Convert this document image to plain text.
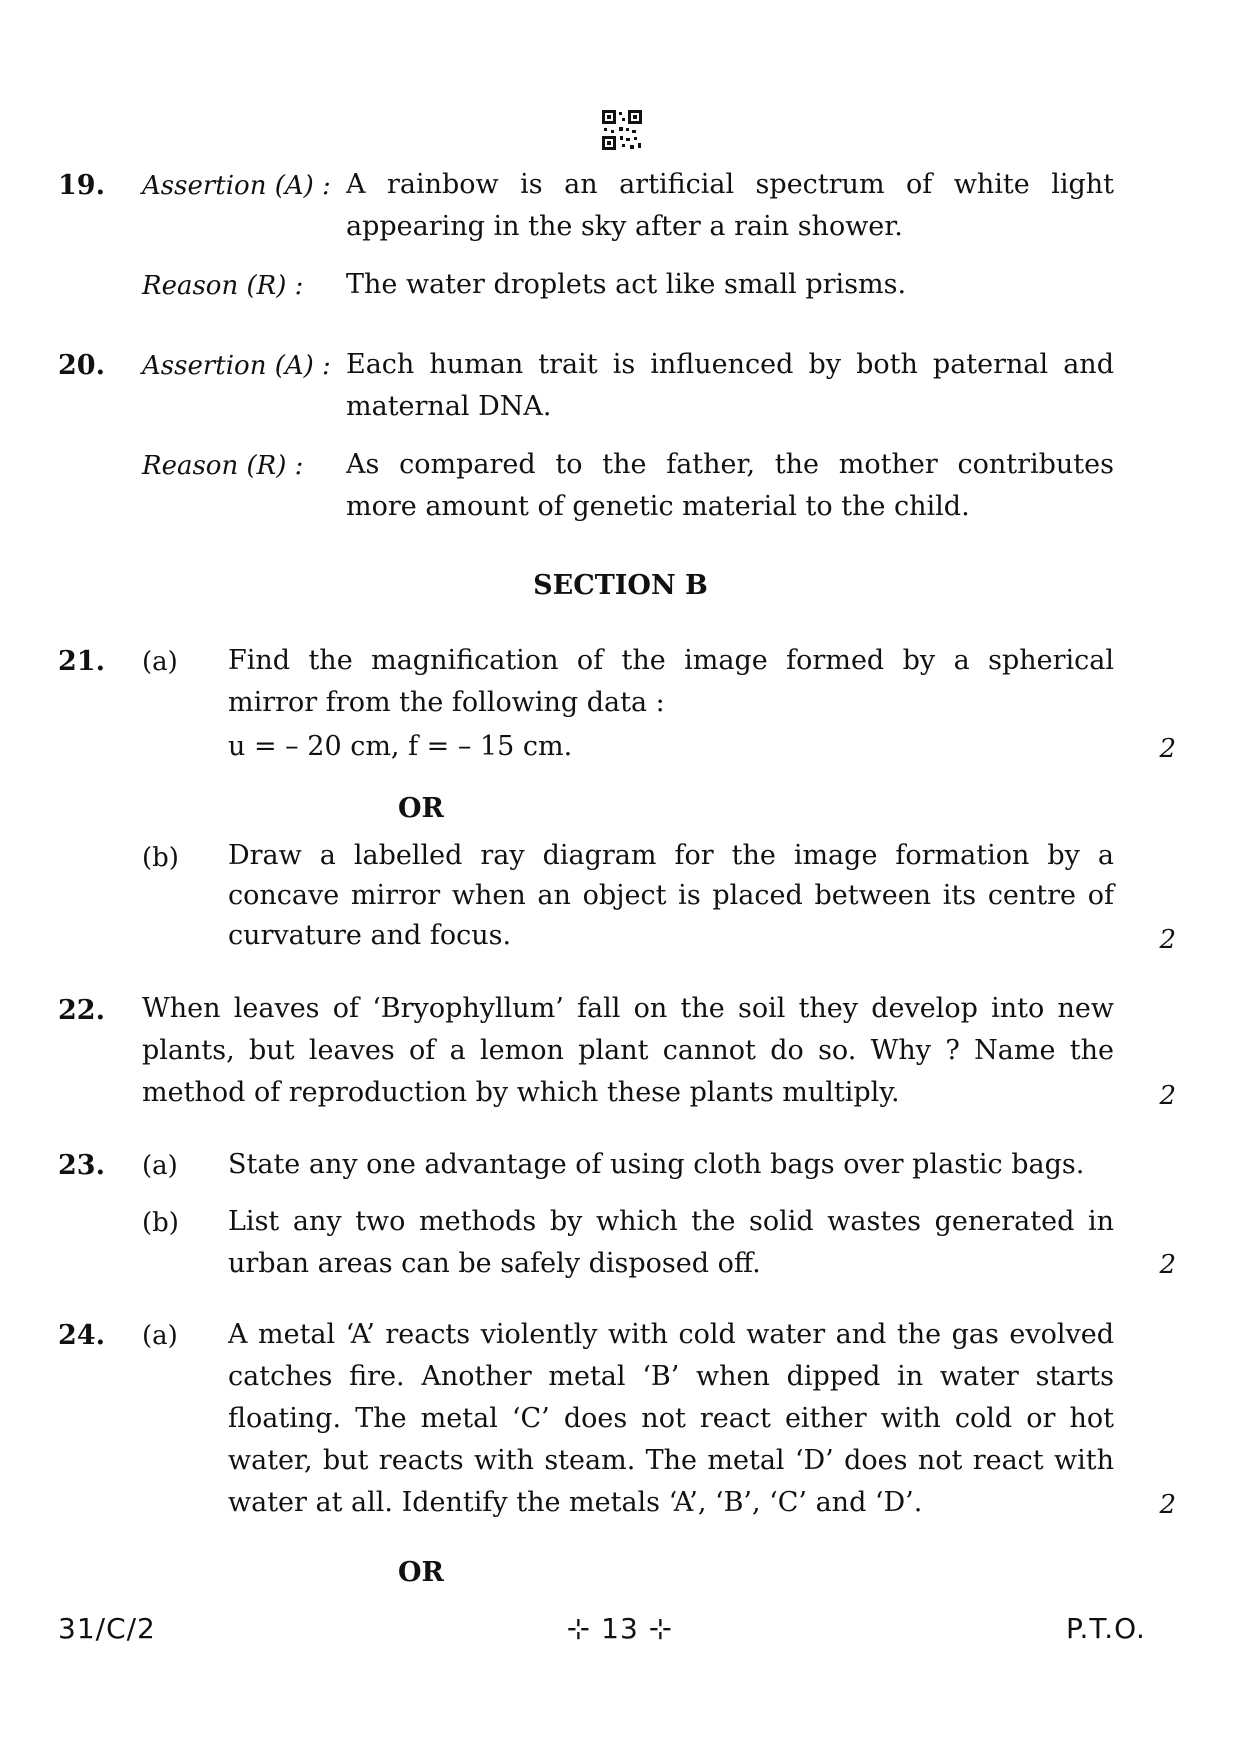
19. Assertion (A) : A rainbow is an artificial spectrum of white light appearing in the sky after a rain shower.
Reason (R) : The water droplets act like small prisms.
20. Assertion (A) : Each human trait is influenced by both paternal and maternal DNA.
Reason (R) : As compared to the father, the mother contributes more amount of genetic material to the child.
SECTION B
21. (a) Find the magnification of the image formed by a spherical mirror from the following data :
u = – 20 cm, f = – 15 cm.	2
OR
(b) Draw a labelled ray diagram for the image formation by a concave mirror when an object is placed between its centre of curvature and focus.	2
22. When leaves of ‘Bryophyllum’ fall on the soil they develop into new plants, but leaves of a lemon plant cannot do so. Why ? Name the method of reproduction by which these plants multiply.	2
23. (a) State any one advantage of using cloth bags over plastic bags.
(b) List any two methods by which the solid wastes generated in urban areas can be safely disposed off.	2
24. (a) A metal ‘A’ reacts violently with cold water and the gas evolved catches fire. Another metal ‘B’ when dipped in water starts floating. The metal ‘C’ does not react either with cold or hot water, but reacts with steam. The metal ‘D’ does not react with water at all. Identify the metals ‘A’, ‘B’, ‘C’ and ‘D’.	2
OR
31/C/2	⊹ 13 ⊹	P.T.O.
